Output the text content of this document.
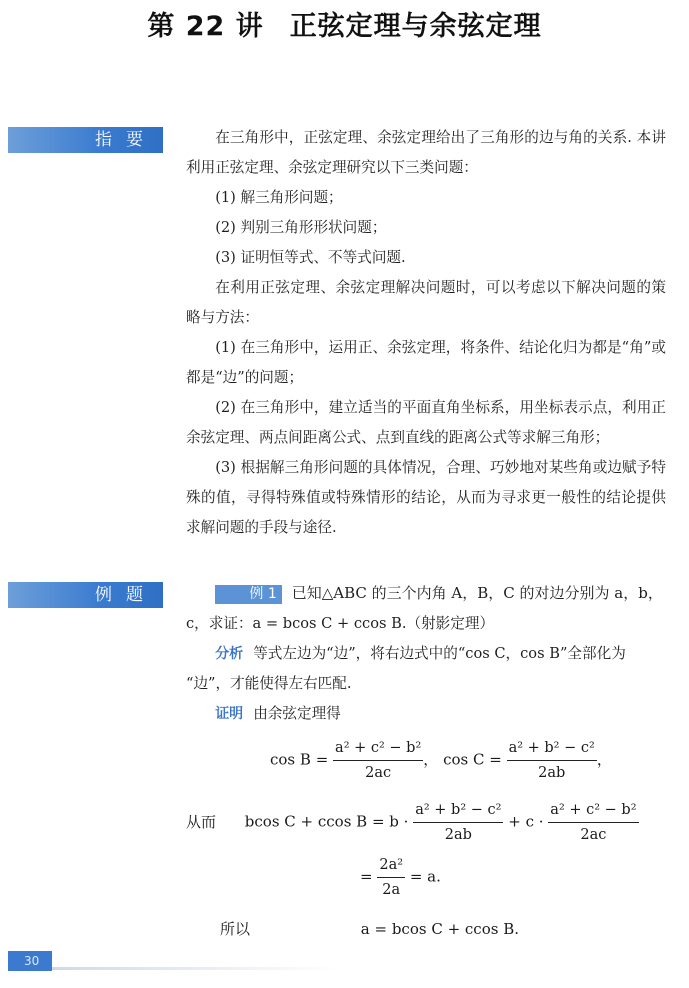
第 22 讲 正弦定理与余弦定理
指要	在三角形中，正弦定理、余弦定理给出了三角形的边与角的关系. 本讲利用正弦定理、余弦定理研究以下三类问题：

(1) 解三角形问题；

(2) 判别三角形形状问题；

(3) 证明恒等式、不等式问题.

在利用正弦定理、余弦定理解决问题时，可以考虑以下解决问题的策略与方法：

(1) 在三角形中，运用正、余弦定理，将条件、结论化归为都是“角”或都是“边”的问题；

(2) 在三角形中，建立适当的平面直角坐标系，用坐标表示点，利用正余弦定理、两点间距离公式、点到直线的距离公式等求解三角形；

(3) 根据解三角形问题的具体情况，合理、巧妙地对某些角或边赋予特殊的值，寻得特殊值或特殊情形的结论，从而为寻求更一般性的结论提供求解问题的手段与途径.

例题	例 1 已知△ABC 的三个内角 A，B，C 的对边分别为 a，b，

c，求证：a = bcos C + ccos B.（射影定理）

分析 等式左边为“边”，将右边式中的“cos C，cos B”全部化为

“边”，才能使得左右匹配.

证明 由余弦定理得

$\cos B = \frac{\text{a² + c² − b²}}{2ac}$ ， $\cos C = \frac{\text{a² + b² − c²}}{2ab}$ ，
从而 bcos C + ccos $B = b \cdot \frac{\text{a² + b² − c²}}{2ab} + c \cdot \frac{\text{a² + c² − b²}}{2ac}$
= $\frac{\text{2a²}}{2a} = a$.
所以	a = bcos C + ccos B.
30
